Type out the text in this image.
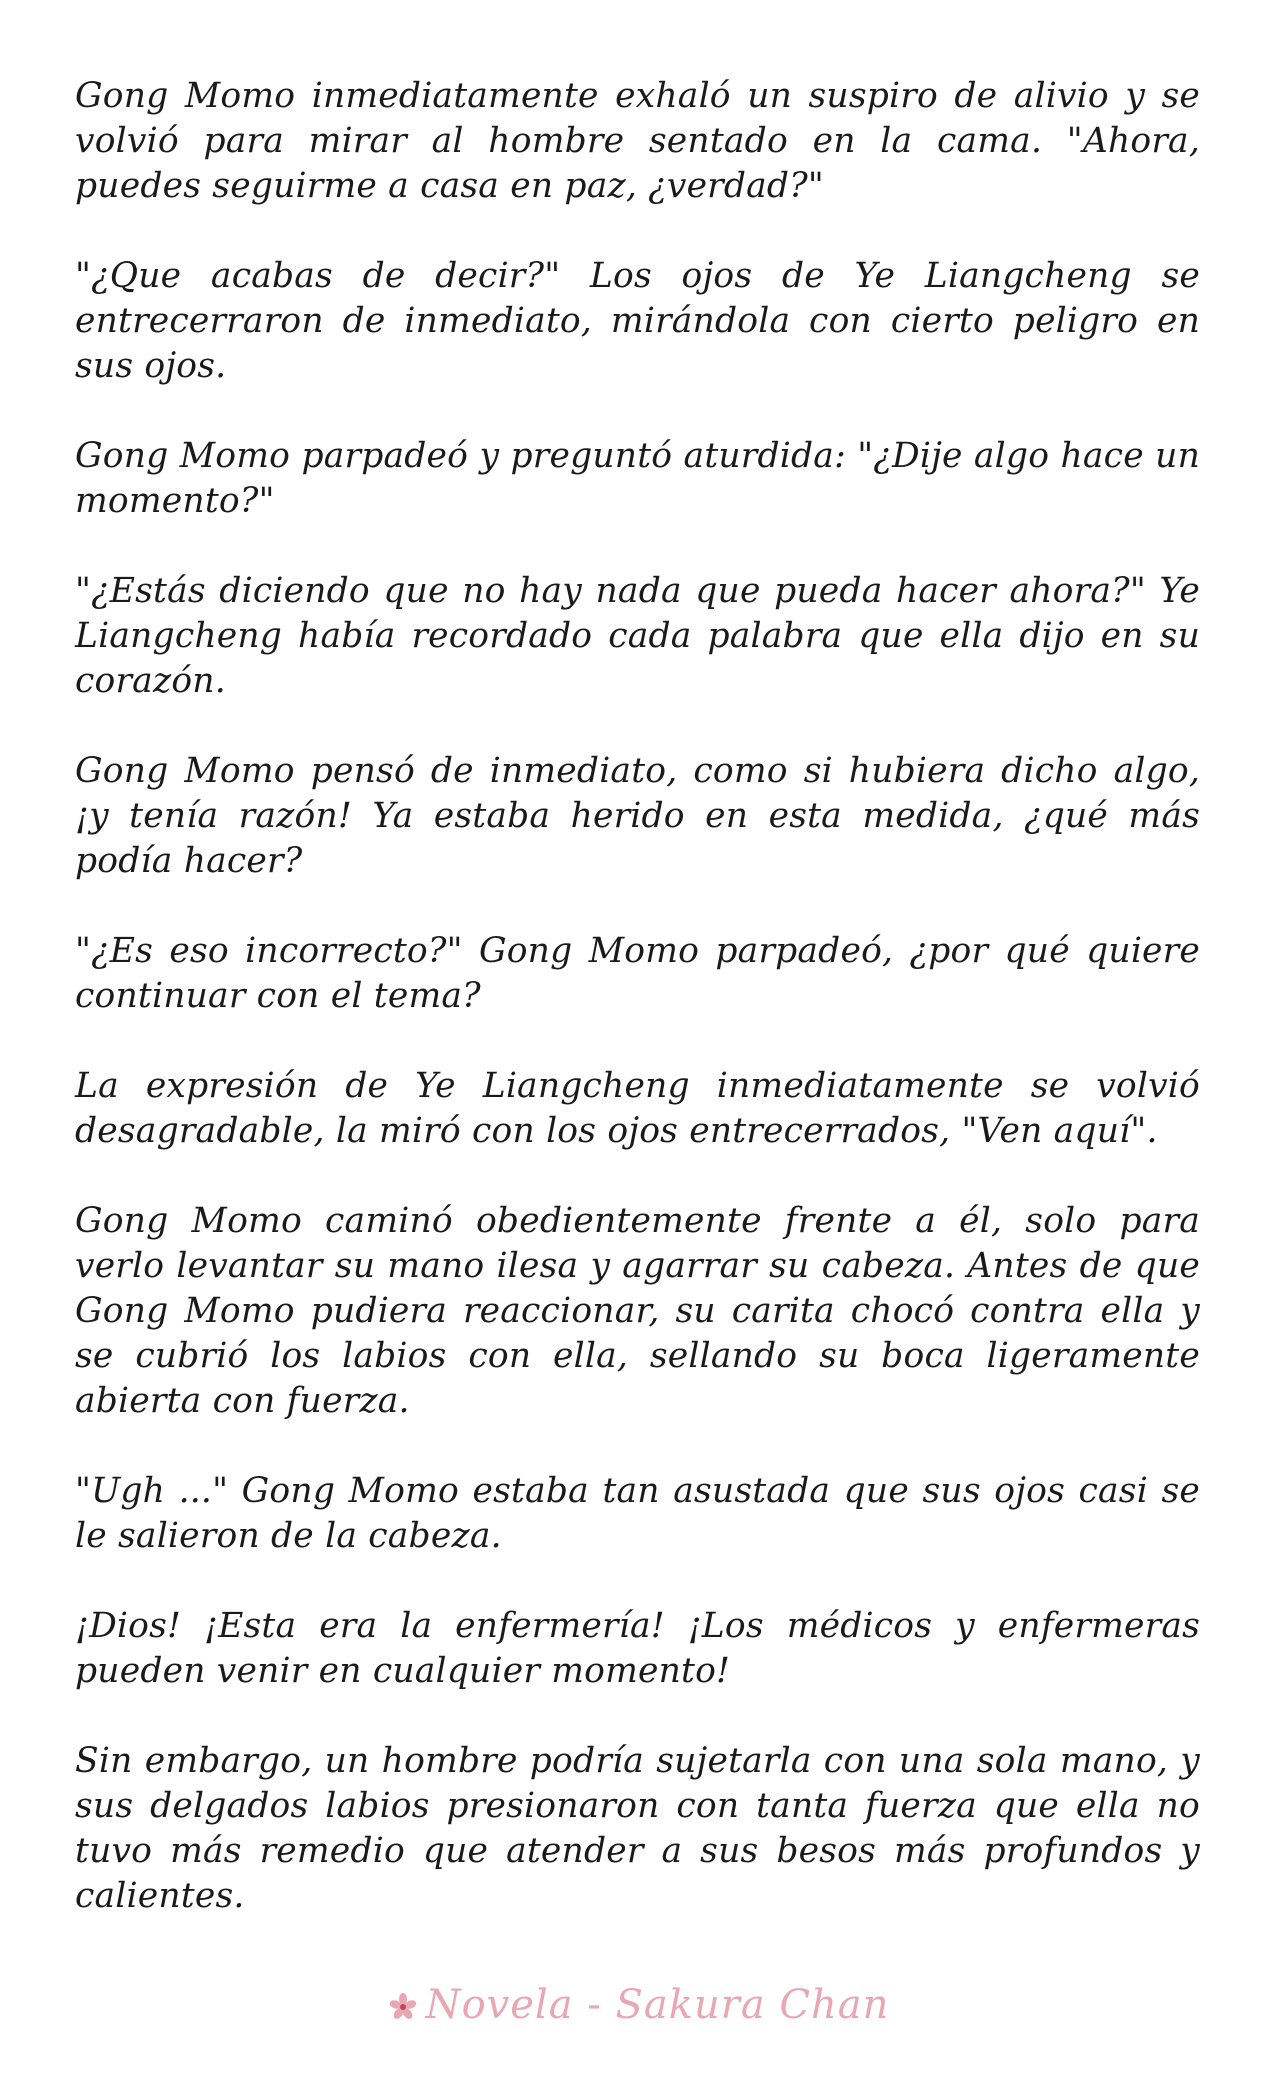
Gong Momo inmediatamente exhaló un suspiro de alivio y se volvió para mirar al hombre sentado en la cama. "Ahora, puedes seguirme a casa en paz, ¿verdad?"

"¿Que acabas de decir?" Los ojos de Ye Liangcheng se entrecerraron de inmediato, mirándola con cierto peligro en sus ojos.

Gong Momo parpadeó y preguntó aturdida: "¿Dije algo hace un momento?"

"¿Estás diciendo que no hay nada que pueda hacer ahora?" Ye Liangcheng había recordado cada palabra que ella dijo en su corazón.

Gong Momo pensó de inmediato, como si hubiera dicho algo, ¡y tenía razón! Ya estaba herido en esta medida, ¿qué más podía hacer?

"¿Es eso incorrecto?" Gong Momo parpadeó, ¿por qué quiere continuar con el tema?

La expresión de Ye Liangcheng inmediatamente se volvió desagradable, la miró con los ojos entrecerrados, "Ven aquí".

Gong Momo caminó obedientemente frente a él, solo para verlo levantar su mano ilesa y agarrar su cabeza. Antes de que Gong Momo pudiera reaccionar, su carita chocó contra ella y se cubrió los labios con ella, sellando su boca ligeramente abierta con fuerza.

"Ugh ..." Gong Momo estaba tan asustada que sus ojos casi se le salieron de la cabeza.

¡Dios! ¡Esta era la enfermería! ¡Los médicos y enfermeras pueden venir en cualquier momento!

Sin embargo, un hombre podría sujetarla con una sola mano, y sus delgados labios presionaron con tanta fuerza que ella no tuvo más remedio que atender a sus besos más profundos y calientes.

Novela - Sakura Chan
